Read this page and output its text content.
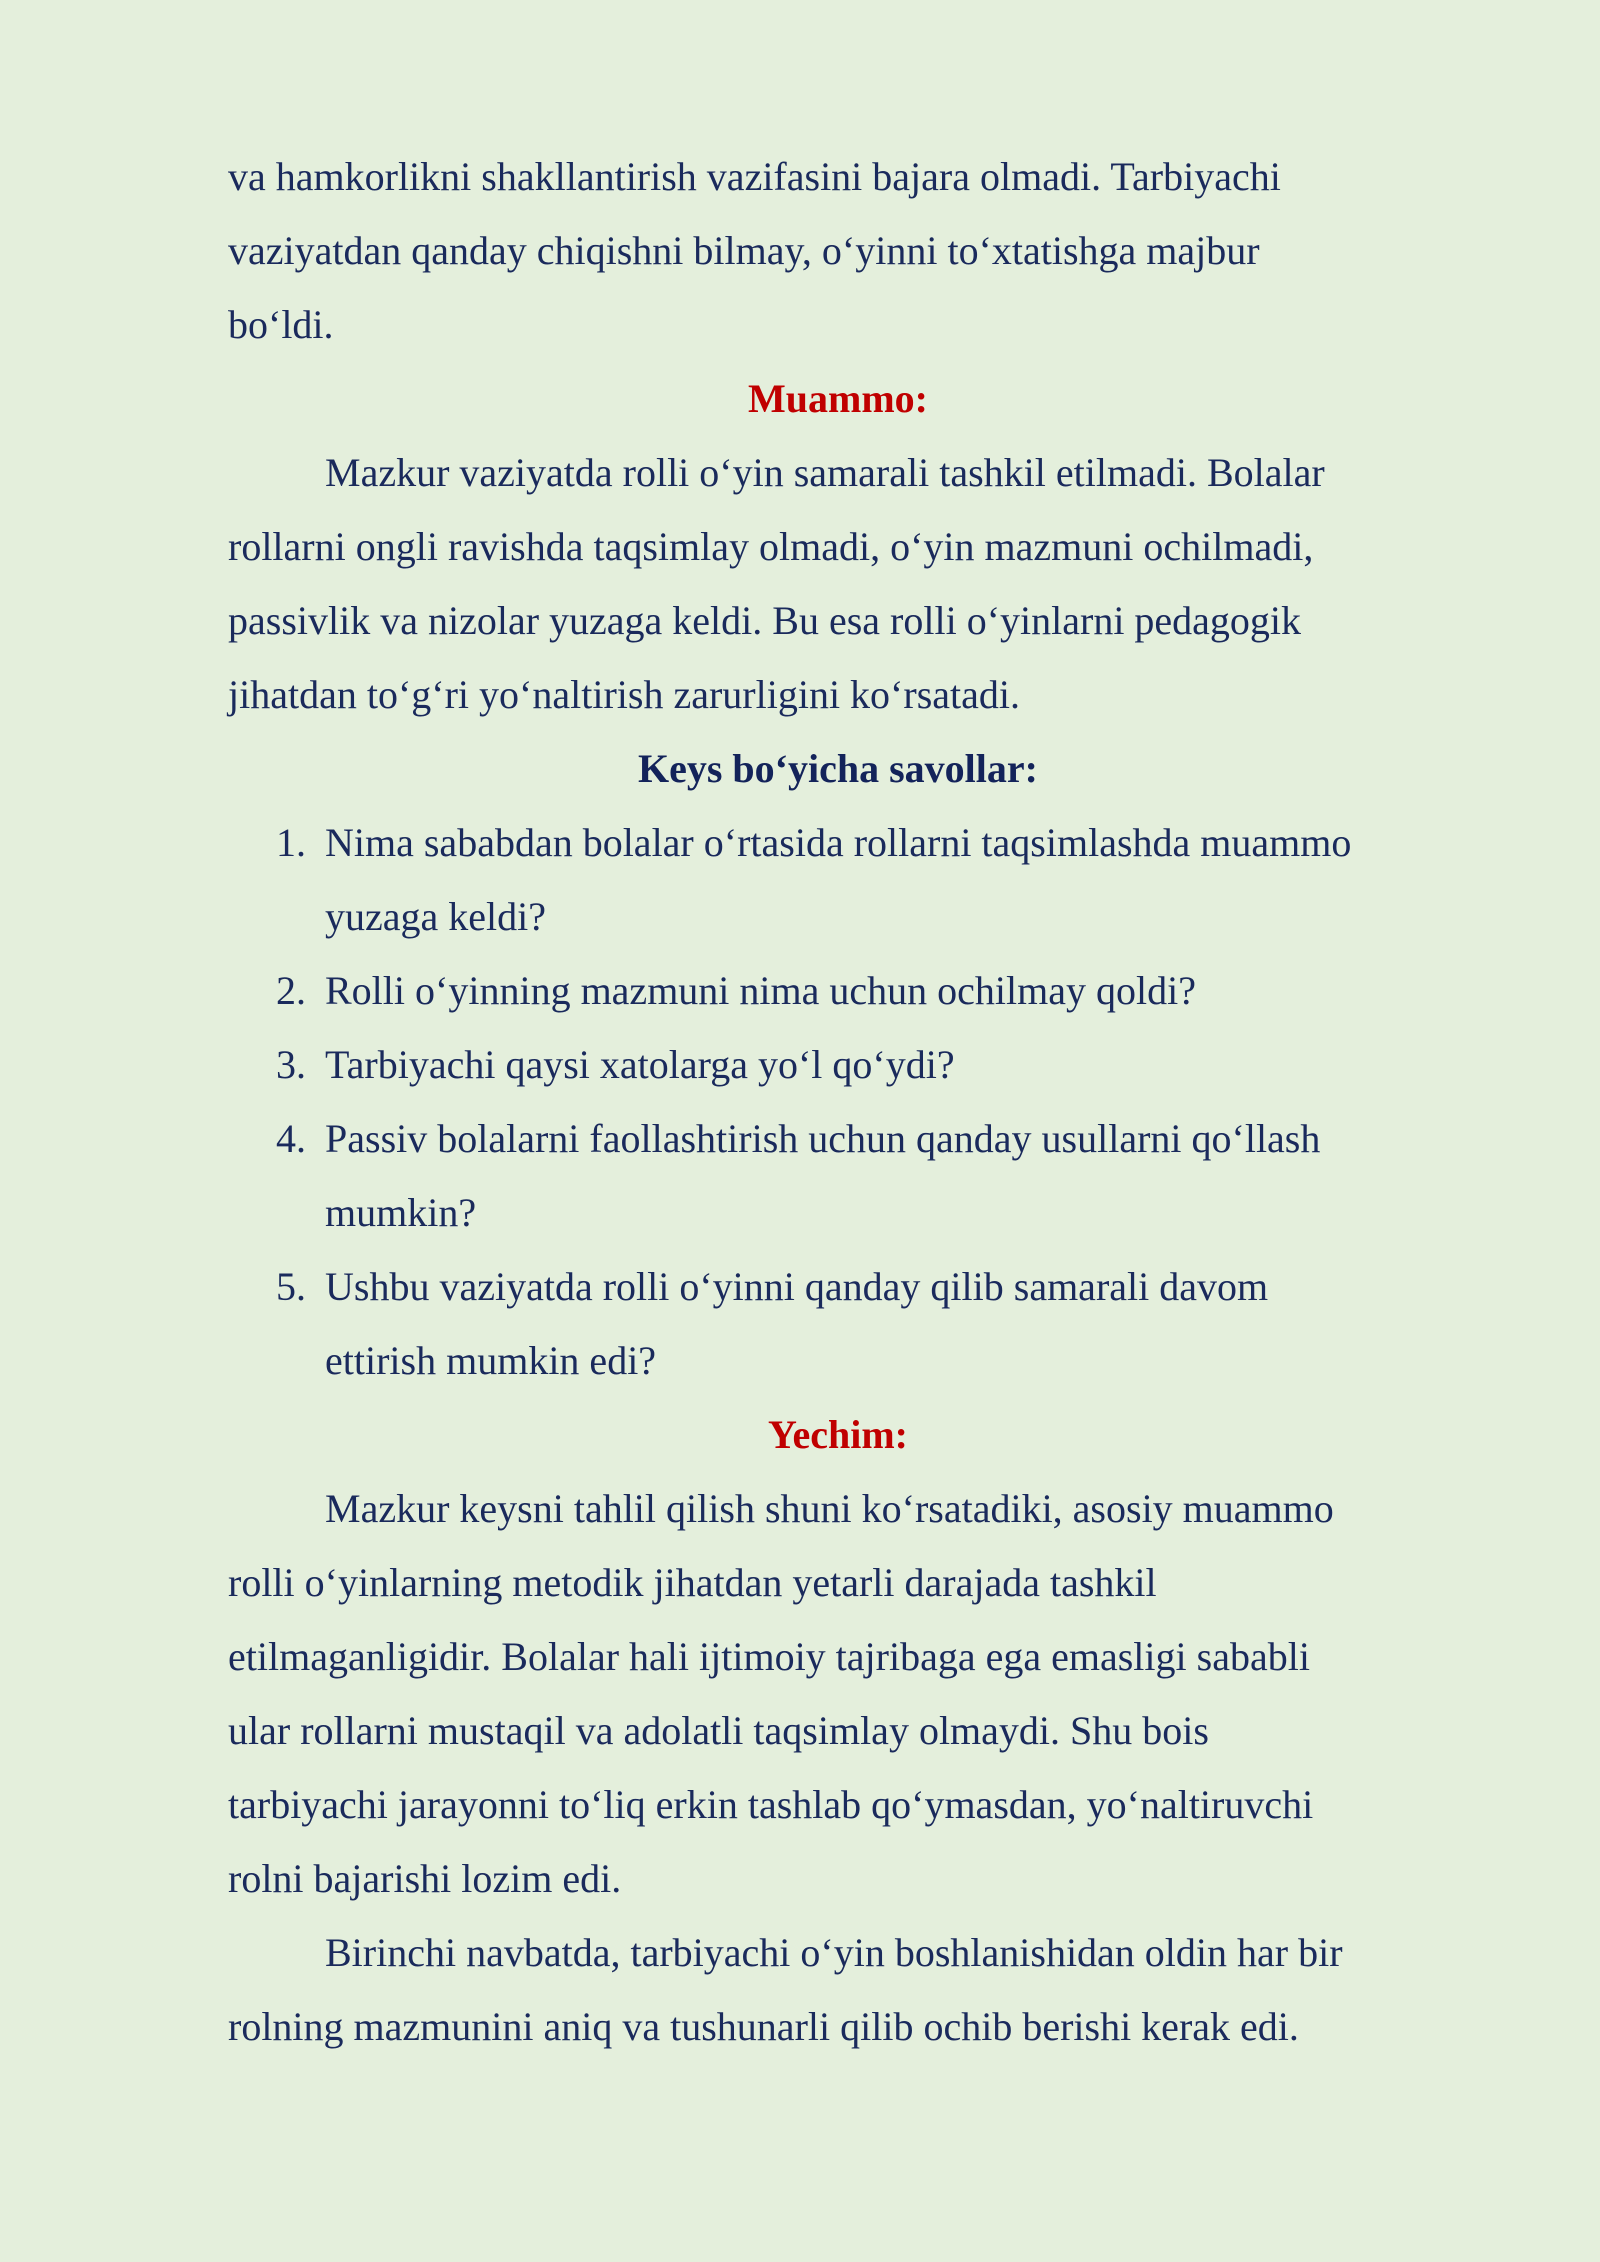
va hamkorlikni shakllantirish vazifasini bajara olmadi. Tarbiyachi
vaziyatdan qanday chiqishni bilmay, o‘yinni to‘xtatishga majbur
bo‘ldi.
Muammo:
Mazkur vaziyatda rolli o‘yin samarali tashkil etilmadi. Bolalar
rollarni ongli ravishda taqsimlay olmadi, o‘yin mazmuni ochilmadi,
passivlik va nizolar yuzaga keldi. Bu esa rolli o‘yinlarni pedagogik
jihatdan to‘g‘ri yo‘naltirish zarurligini ko‘rsatadi.
Keys bo‘yicha savollar:
1. Nima sababdan bolalar o‘rtasida rollarni taqsimlashda muammo
yuzaga keldi?
2. Rolli o‘yinning mazmuni nima uchun ochilmay qoldi?
3. Tarbiyachi qaysi xatolarga yo‘l qo‘ydi?
4. Passiv bolalarni faollashtirish uchun qanday usullarni qo‘llash
mumkin?
5. Ushbu vaziyatda rolli o‘yinni qanday qilib samarali davom
ettirish mumkin edi?
Yechim:
Mazkur keysni tahlil qilish shuni ko‘rsatadiki, asosiy muammo
rolli o‘yinlarning metodik jihatdan yetarli darajada tashkil
etilmaganligidir. Bolalar hali ijtimoiy tajribaga ega emasligi sababli
ular rollarni mustaqil va adolatli taqsimlay olmaydi. Shu bois
tarbiyachi jarayonni to‘liq erkin tashlab qo‘ymasdan, yo‘naltiruvchi
rolni bajarishi lozim edi.
Birinchi navbatda, tarbiyachi o‘yin boshlanishidan oldin har bir
rolning mazmunini aniq va tushunarli qilib ochib berishi kerak edi.
